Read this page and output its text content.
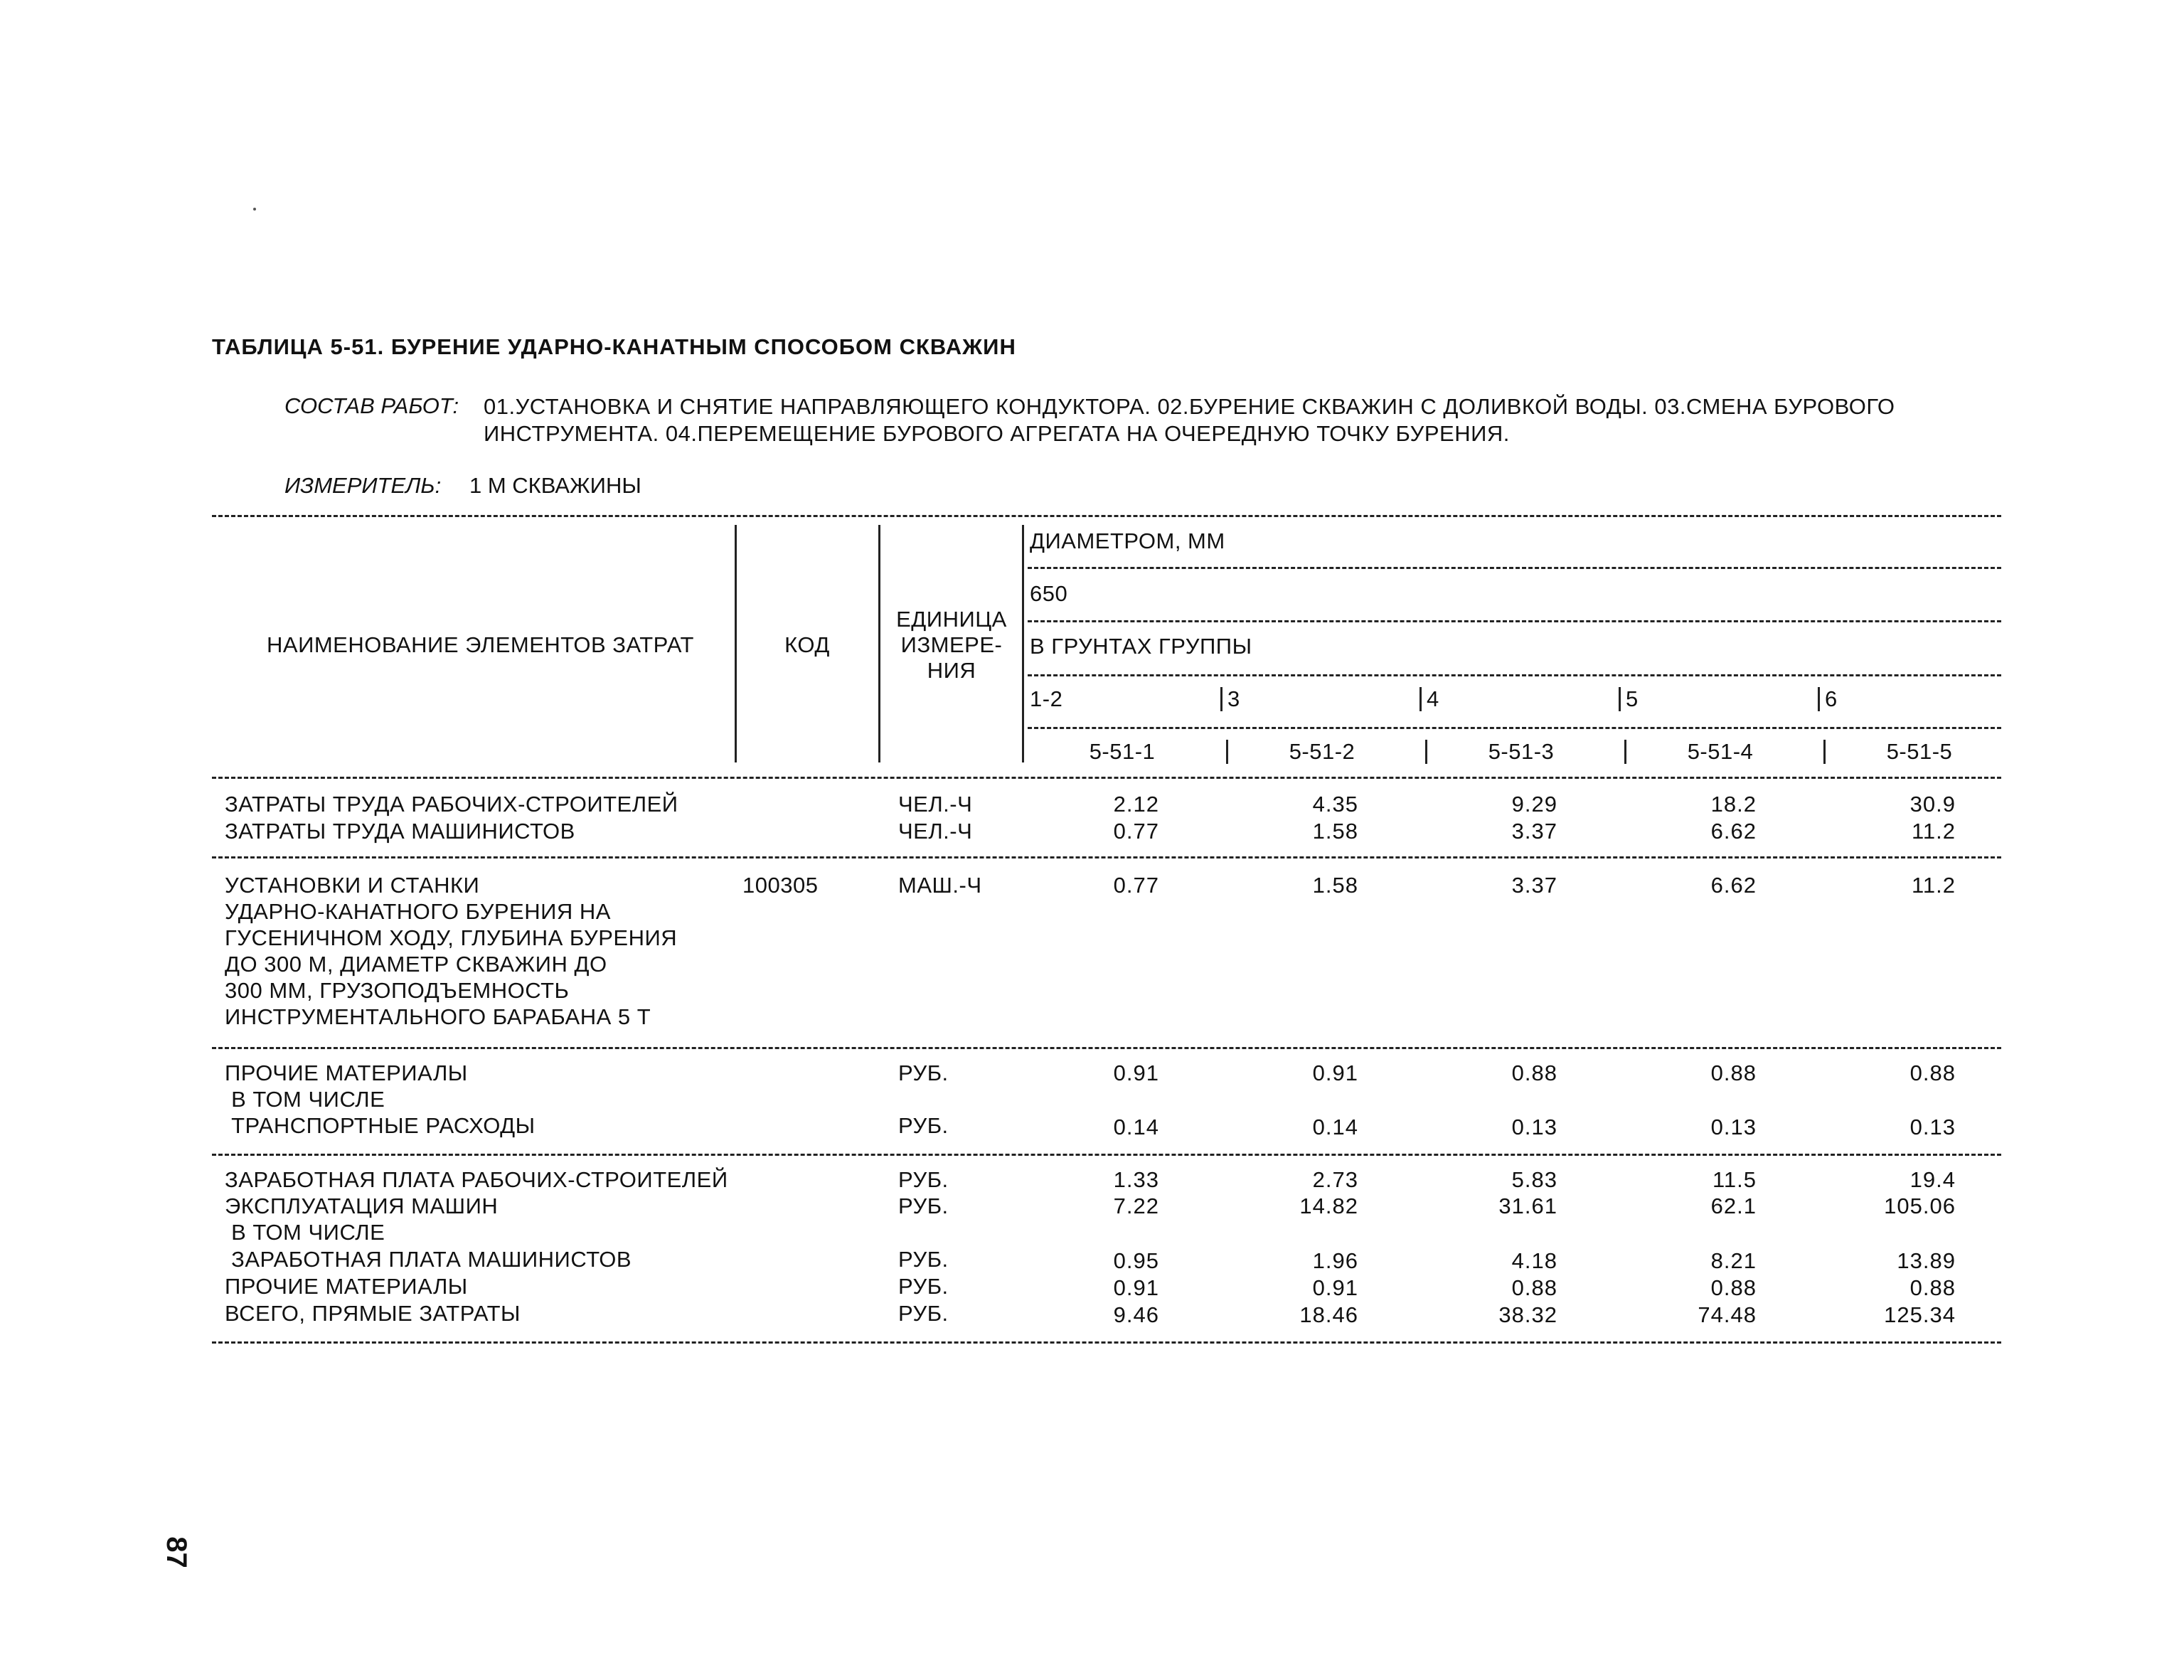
ТАБЛИЦА 5-51. БУРЕНИЕ УДАРНО-КАНАТНЫМ СПОСОБОМ СКВАЖИН
СОСТАВ РАБОТ: 01.УСТАНОВКА И СНЯТИЕ НАПРАВЛЯЮЩЕГО КОНДУКТОРА. 02.БУРЕНИЕ СКВАЖИН С ДОЛИВКОЙ ВОДЫ. 03.СМЕНА БУРОВОГО
ИНСТРУМЕНТА. 04.ПЕРЕМЕЩЕНИЕ БУРОВОГО АГРЕГАТА НА ОЧЕРЕДНУЮ ТОЧКУ БУРЕНИЯ.
ИЗМЕРИТЕЛЬ: 1 М СКВАЖИНЫ
НАИМЕНОВАНИЕ ЭЛЕМЕНТОВ ЗАТРАТ	КОД
ЕДИНИЦА
ИЗМЕРЕ-
НИЯ
ДИАМЕТРОМ, ММ
650
В ГРУНТАХ ГРУППЫ
1-2	3	4	5	6
5-51-1	5-51-2	5-51-3	5-51-4	5-51-5
ЗАТРАТЫ ТРУДА РАБОЧИХ-СТРОИТЕЛЕЙ	ЧЕЛ.-Ч	2.12	4.35	9.29	18.2	30.9
ЗАТРАТЫ ТРУДА МАШИНИСТОВ	ЧЕЛ.-Ч	0.77	1.58	3.37	6.62	11.2
УСТАНОВКИ И СТАНКИ
УДАРНО-КАНАТНОГО БУРЕНИЯ НА
ГУСЕНИЧНОМ ХОДУ, ГЛУБИНА БУРЕНИЯ
ДО 300 М, ДИАМЕТР СКВАЖИН ДО
300 ММ, ГРУЗОПОДЪЕМНОСТЬ
ИНСТРУМЕНТАЛЬНОГО БАРАБАНА 5 Т
100305	МАШ.-Ч	0.77	1.58	3.37	6.62	11.2
ПРОЧИЕ МАТЕРИАЛЫ	РУБ.	0.91	0.91	0.88	0.88	0.88
В ТОМ ЧИСЛЕ
ТРАНСПОРТНЫЕ РАСХОДЫ	РУБ.	0.14	0.14	0.13	0.13	0.13
ЗАРАБОТНАЯ ПЛАТА РАБОЧИХ-СТРОИТЕЛЕЙ	РУБ.	1.33	2.73	5.83	11.5	19.4
ЭКСПЛУАТАЦИЯ МАШИН	РУБ.	7.22	14.82	31.61	62.1	105.06
В ТОМ ЧИСЛЕ
ЗАРАБОТНАЯ ПЛАТА МАШИНИСТОВ	РУБ.	0.95	1.96	4.18	8.21	13.89
ПРОЧИЕ МАТЕРИАЛЫ	РУБ.	0.91	0.91	0.88	0.88	0.88
ВСЕГО, ПРЯМЫЕ ЗАТРАТЫ	РУБ.	9.46	18.46	38.32	74.48	125.34
87
